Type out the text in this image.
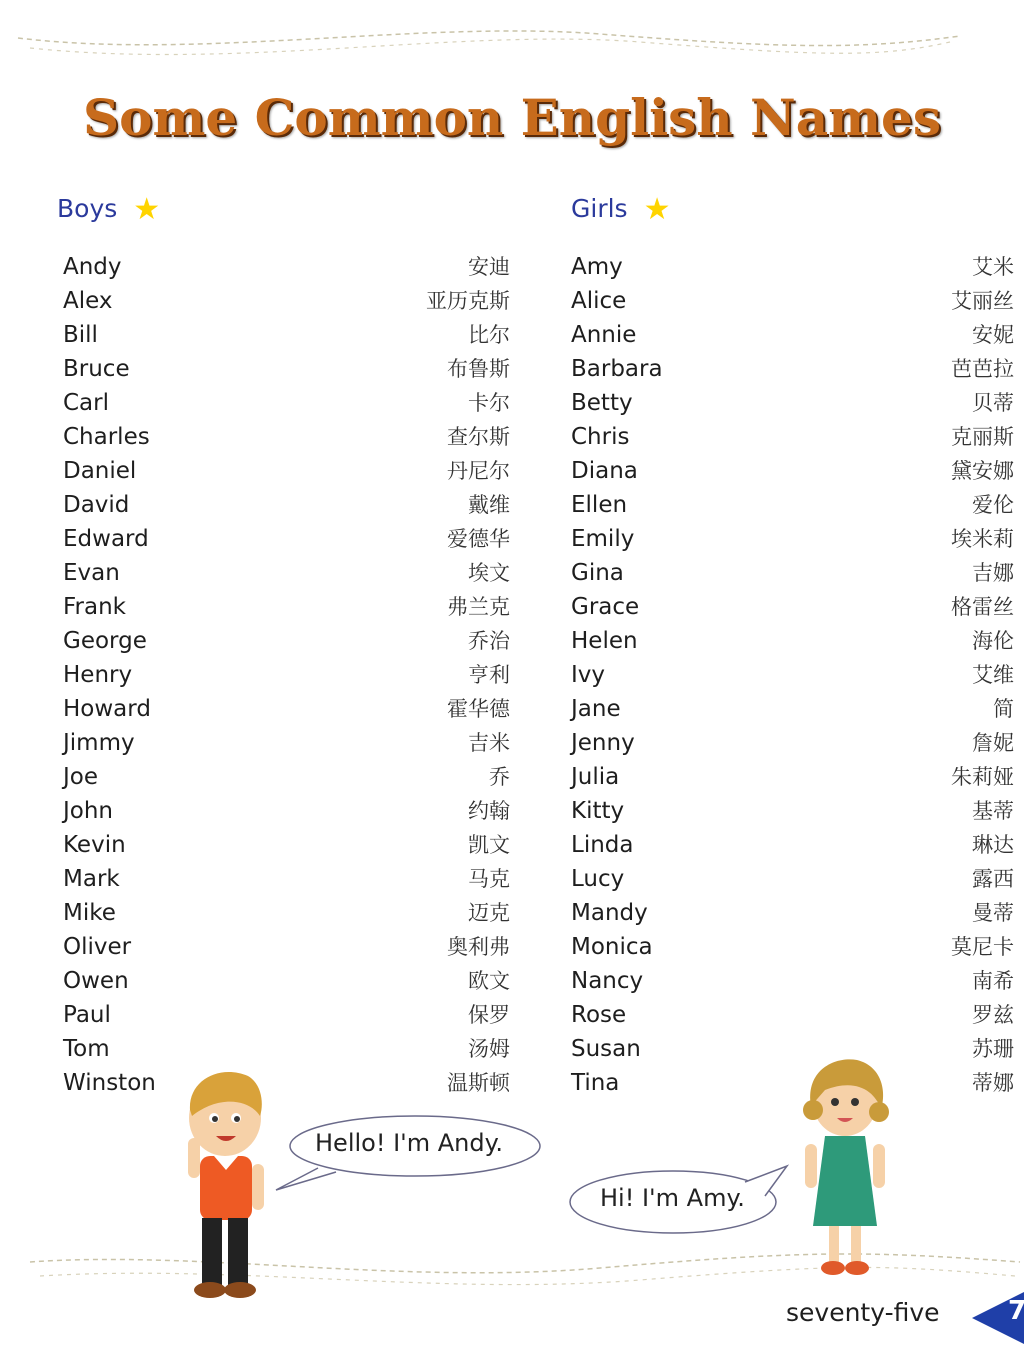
Some Common English Names
Boys ★	Girls ★
Andy	安迪
Alex	亚历克斯
Bill	比尔
Bruce	布鲁斯
Carl	卡尔
Charles	查尔斯
Daniel	丹尼尔
David	戴维
Edward	爱德华
Evan	埃文
Frank	弗兰克
George	乔治
Henry	亨利
Howard	霍华德
Jimmy	吉米
Joe	乔
John	约翰
Kevin	凯文
Mark	马克
Mike	迈克
Oliver	奥利弗
Owen	欧文
Paul	保罗
Tom	汤姆
Winston	温斯顿
Amy	艾米
Alice	艾丽丝
Annie	安妮
Barbara	芭芭拉
Betty	贝蒂
Chris	克丽斯
Diana	黛安娜
Ellen	爱伦
Emily	埃米莉
Gina	吉娜
Grace	格雷丝
Helen	海伦
Ivy	艾维
Jane	简
Jenny	詹妮
Julia	朱莉娅
Kitty	基蒂
Linda	琳达
Lucy	露西
Mandy	曼蒂
Monica	莫尼卡
Nancy	南希
Rose	罗兹
Susan	苏珊
Tina	蒂娜
Hello! I'm Andy.
Hi! I'm Amy.
seventy-five	7
